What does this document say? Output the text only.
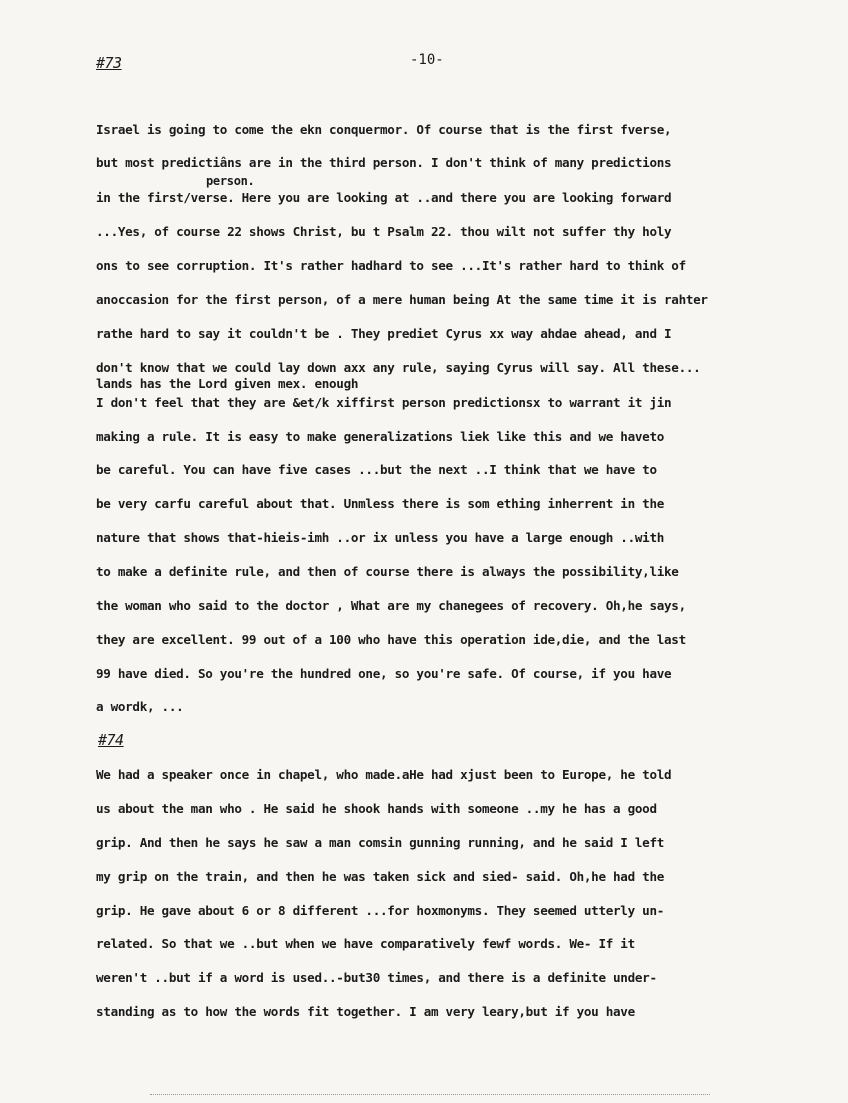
#73	-10-
Israel is going to come the ekn conquermor. Of course that is the first fverse,
but most predictiâns are in the third person. I don't think of many predictions
person.
in the first/verse. Here you are looking at ..and there you are looking forward
...Yes, of course 22 shows Christ, bu t Psalm 22. thou wilt not suffer thy holy
ons to see corruption. It's rather hadhard to see ...It's rather hard to think of
anoccasion for the first person, of a mere human being At the same time it is rahter
rathe hard to say it couldn't be . They prediet Cyrus xx way ahdae ahead, and I
don't know that we could lay down axx any rule, saying Cyrus will say. All these...
lands has the Lord given mex. enough
I don't feel that they are &et/k xiffirst person predictionsx to warrant it jin
making a rule. It is easy to make generalizations liek like this and we haveto
be careful. You can have five cases ...but the next ..I think that we have to
be very carfu careful about that. Unmless there is som ething inherrent in the
nature that shows that-hieis-imh ..or ix unless you have a large enough ..with
to make a definite rule, and then of course there is always the possibility,like
the woman who said to the doctor , What are my chanegees of recovery. Oh,he says,
they are excellent. 99 out of a 100 who have this operation ide,die, and the last
99 have died. So you're the hundred one, so you're safe. Of course, if you have
a wordk, ...
#74
We had a speaker once in chapel, who made.aHe had xjust been to Europe, he told
us about the man who . He said he shook hands with someone ..my he has a good
grip. And then he says he saw a man comsin gunning running, and he said I left
my grip on the train, and then he was taken sick and sied- said. Oh,he had the
grip. He gave about 6 or 8 different ...for hoxmonyms. They seemed utterly un-
related. So that we ..but when we have comparatively fewf words. We- If it
weren't ..but if a word is used..-but30 times, and there is a definite under-
standing as to how the words fit together. I am very leary,but if you have
